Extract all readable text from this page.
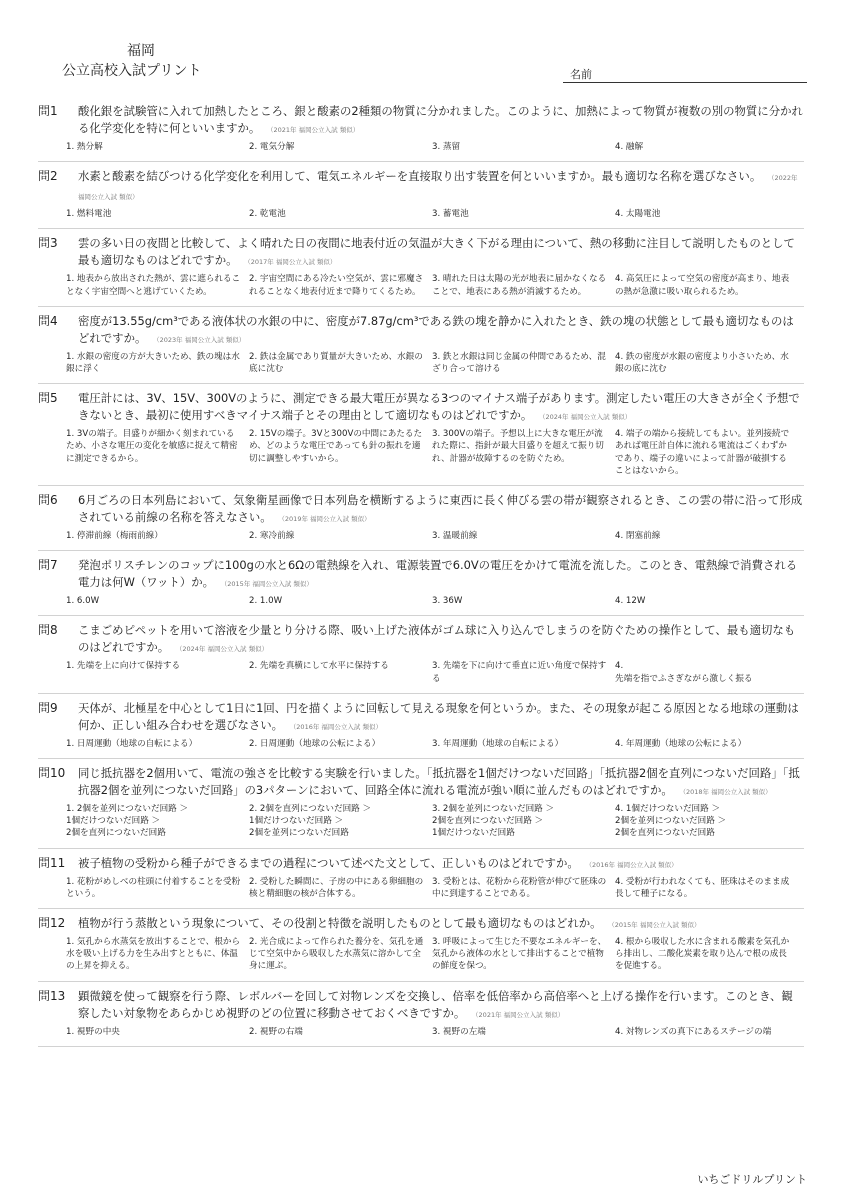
福岡
公立高校入試プリント	名前
問1	酸化銀を試験管に入れて加熱したところ、銀と酸素の2種類の物質に分かれました。このように、加熱によって物質が複数の別の物質に分かれる化学変化を特に何といいますか。 （2021年 福岡公立入試 類似）
1. 熱分解	2. 電気分解	3. 蒸留	4. 融解
問2	水素と酸素を結びつける化学変化を利用して、電気エネルギーを直接取り出す装置を何といいますか。最も適切な名称を選びなさい。 （2022年 福岡公立入試 類似）
1. 燃料電池	2. 乾電池	3. 蓄電池	4. 太陽電池
問3	雲の多い日の夜間と比較して、よく晴れた日の夜間に地表付近の気温が大きく下がる理由について、熱の移動に注目して説明したものとして最も適切なものはどれですか。 （2017年 福岡公立入試 類似）
1. 地表から放出された熱が、雲に遮られることなく宇宙空間へと逃げていくため。
2. 宇宙空間にある冷たい空気が、雲に邪魔されることなく地表付近まで降りてくるため。
3. 晴れた日は太陽の光が地表に届かなくなることで、地表にある熱が消滅するため。
4. 高気圧によって空気の密度が高まり、地表の熱が急激に吸い取られるため。
問4	密度が13.55g/cm³である液体状の水銀の中に、密度が7.87g/cm³である鉄の塊を静かに入れたとき、鉄の塊の状態として最も適切なものはどれですか。 （2023年 福岡公立入試 類似）
1. 水銀の密度の方が大きいため、鉄の塊は水銀に浮く
2. 鉄は金属であり質量が大きいため、水銀の底に沈む
3. 鉄と水銀は同じ金属の仲間であるため、混ざり合って溶ける
4. 鉄の密度が水銀の密度より小さいため、水銀の底に沈む
問5	電圧計には、3V、15V、300Vのように、測定できる最大電圧が異なる3つのマイナス端子があります。測定したい電圧の大きさが全く予想できないとき、最初に使用すべきマイナス端子とその理由として適切なものはどれですか。 （2024年 福岡公立入試 類似）
1. 3Vの端子。目盛りが細かく刻まれているため、小さな電圧の変化を敏感に捉えて精密に測定できるから。
2. 15Vの端子。3Vと300Vの中間にあたるため、どのような電圧であっても針の振れを適切に調整しやすいから。
3. 300Vの端子。予想以上に大きな電圧が流れた際に、指針が最大目盛りを超えて振り切れ、計器が故障するのを防ぐため。
4. 端子の端から接続してもよい。並列接続であれば電圧計自体に流れる電流はごくわずかであり、端子の違いによって計器が破損することはないから。
問6	6月ごろの日本列島において、気象衛星画像で日本列島を横断するように東西に長く伸びる雲の帯が観察されるとき、この雲の帯に沿って形成されている前線の名称を答えなさい。 （2019年 福岡公立入試 類似）
1. 停滞前線（梅雨前線）	2. 寒冷前線	3. 温暖前線	4. 閉塞前線
問7	発泡ポリスチレンのコップに100gの水と6Ωの電熱線を入れ、電源装置で6.0Vの電圧をかけて電流を流した。このとき、電熱線で消費される電力は何W（ワット）か。 （2015年 福岡公立入試 類似）
1. 6.0W	2. 1.0W	3. 36W	4. 12W
問8	こまごめピペットを用いて溶液を少量とり分ける際、吸い上げた液体がゴム球に入り込んでしまうのを防ぐための操作として、最も適切なものはどれですか。 （2024年 福岡公立入試 類似）
1. 先端を上に向けて保持する	2. 先端を真横にして水平に保持する	3. 先端を下に向けて垂直に近い角度で保持する
4.
先端を指でふさぎながら激しく振る
問9	天体が、北極星を中心として1日に1回、円を描くように回転して見える現象を何というか。また、その現象が起こる原因となる地球の運動は何か、正しい組み合わせを選びなさい。 （2016年 福岡公立入試 類似）
1. 日周運動（地球の自転による）	2. 日周運動（地球の公転による）	3. 年周運動（地球の自転による）	4. 年周運動（地球の公転による）
問10	同じ抵抗器を2個用いて、電流の強さを比較する実験を行いました。「抵抗器を1個だけつないだ回路」「抵抗器2個を直列につないだ回路」「抵抗器2個を並列につないだ回路」の3パターンにおいて、回路全体に流れる電流が強い順に並んだものはどれですか。 （2018年 福岡公立入試 類似）
1. 2個を並列につないだ回路 ＞
1個だけつないだ回路 ＞
2個を直列につないだ回路
2. 2個を直列につないだ回路 ＞
1個だけつないだ回路 ＞
2個を並列につないだ回路
3. 2個を並列につないだ回路 ＞
2個を直列につないだ回路 ＞
1個だけつないだ回路
4. 1個だけつないだ回路 ＞
2個を並列につないだ回路 ＞
2個を直列につないだ回路
問11	被子植物の受粉から種子ができるまでの過程について述べた文として、正しいものはどれですか。 （2016年 福岡公立入試 類似）
1. 花粉がめしべの柱頭に付着することを受粉という。
2. 受粉した瞬間に、子房の中にある卵細胞の核と精細胞の核が合体する。
3. 受粉とは、花粉から花粉管が伸びて胚珠の中に到達することである。
4. 受粉が行われなくても、胚珠はそのまま成長して種子になる。
問12	植物が行う蒸散という現象について、その役割と特徴を説明したものとして最も適切なものはどれか。 （2015年 福岡公立入試 類似）
1. 気孔から水蒸気を放出することで、根から水を吸い上げる力を生み出すとともに、体温の上昇を抑える。
2. 光合成によって作られた養分を、気孔を通じて空気中から吸収した水蒸気に溶かして全身に運ぶ。
3. 呼吸によって生じた不要なエネルギーを、気孔から液体の水として排出することで植物の鮮度を保つ。
4. 根から吸収した水に含まれる酸素を気孔から排出し、二酸化炭素を取り込んで根の成長を促進する。
問13	顕微鏡を使って観察を行う際、レボルバーを回して対物レンズを交換し、倍率を低倍率から高倍率へと上げる操作を行います。このとき、観察したい対象物をあらかじめ視野のどの位置に移動させておくべきですか。 （2021年 福岡公立入試 類似）
1. 視野の中央	2. 視野の右端	3. 視野の左端	4. 対物レンズの真下にあるステージの端
いちごドリルプリント
